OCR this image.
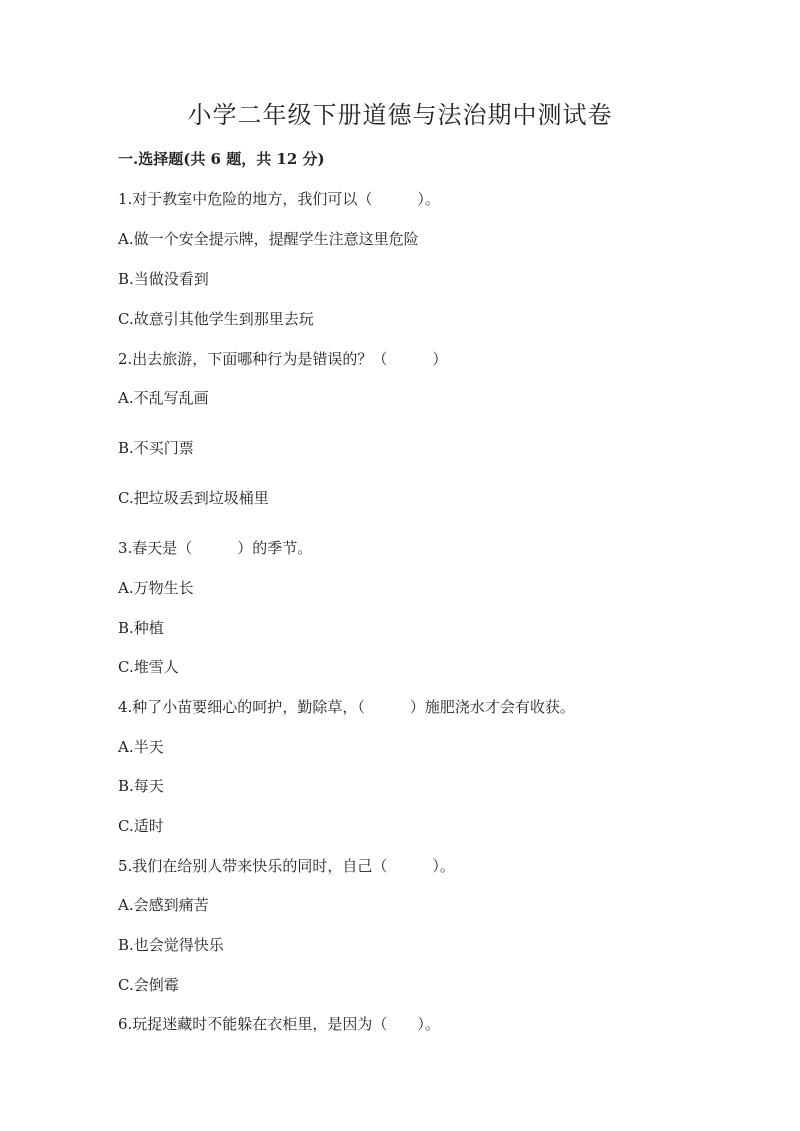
小学二年级下册道德与法治期中测试卷
一.选择题(共 6 题，共 12 分)
1.对于教室中危险的地方，我们可以（　　　）。
A.做一个安全提示牌，提醒学生注意这里危险
B.当做没看到
C.故意引其他学生到那里去玩
2.出去旅游，下面哪种行为是错误的？（　　　）
A.不乱写乱画
B.不买门票
C.把垃圾丢到垃圾桶里
3.春天是（　　　）的季节。
A.万物生长
B.种植
C.堆雪人
4.种了小苗要细心的呵护，勤除草，（　　　）施肥浇水才会有收获。
A.半天
B.每天
C.适时
5.我们在给别人带来快乐的同时，自己（　　　）。
A.会感到痛苦
B.也会觉得快乐
C.会倒霉
6.玩捉迷藏时不能躲在衣柜里，是因为（　　）。
